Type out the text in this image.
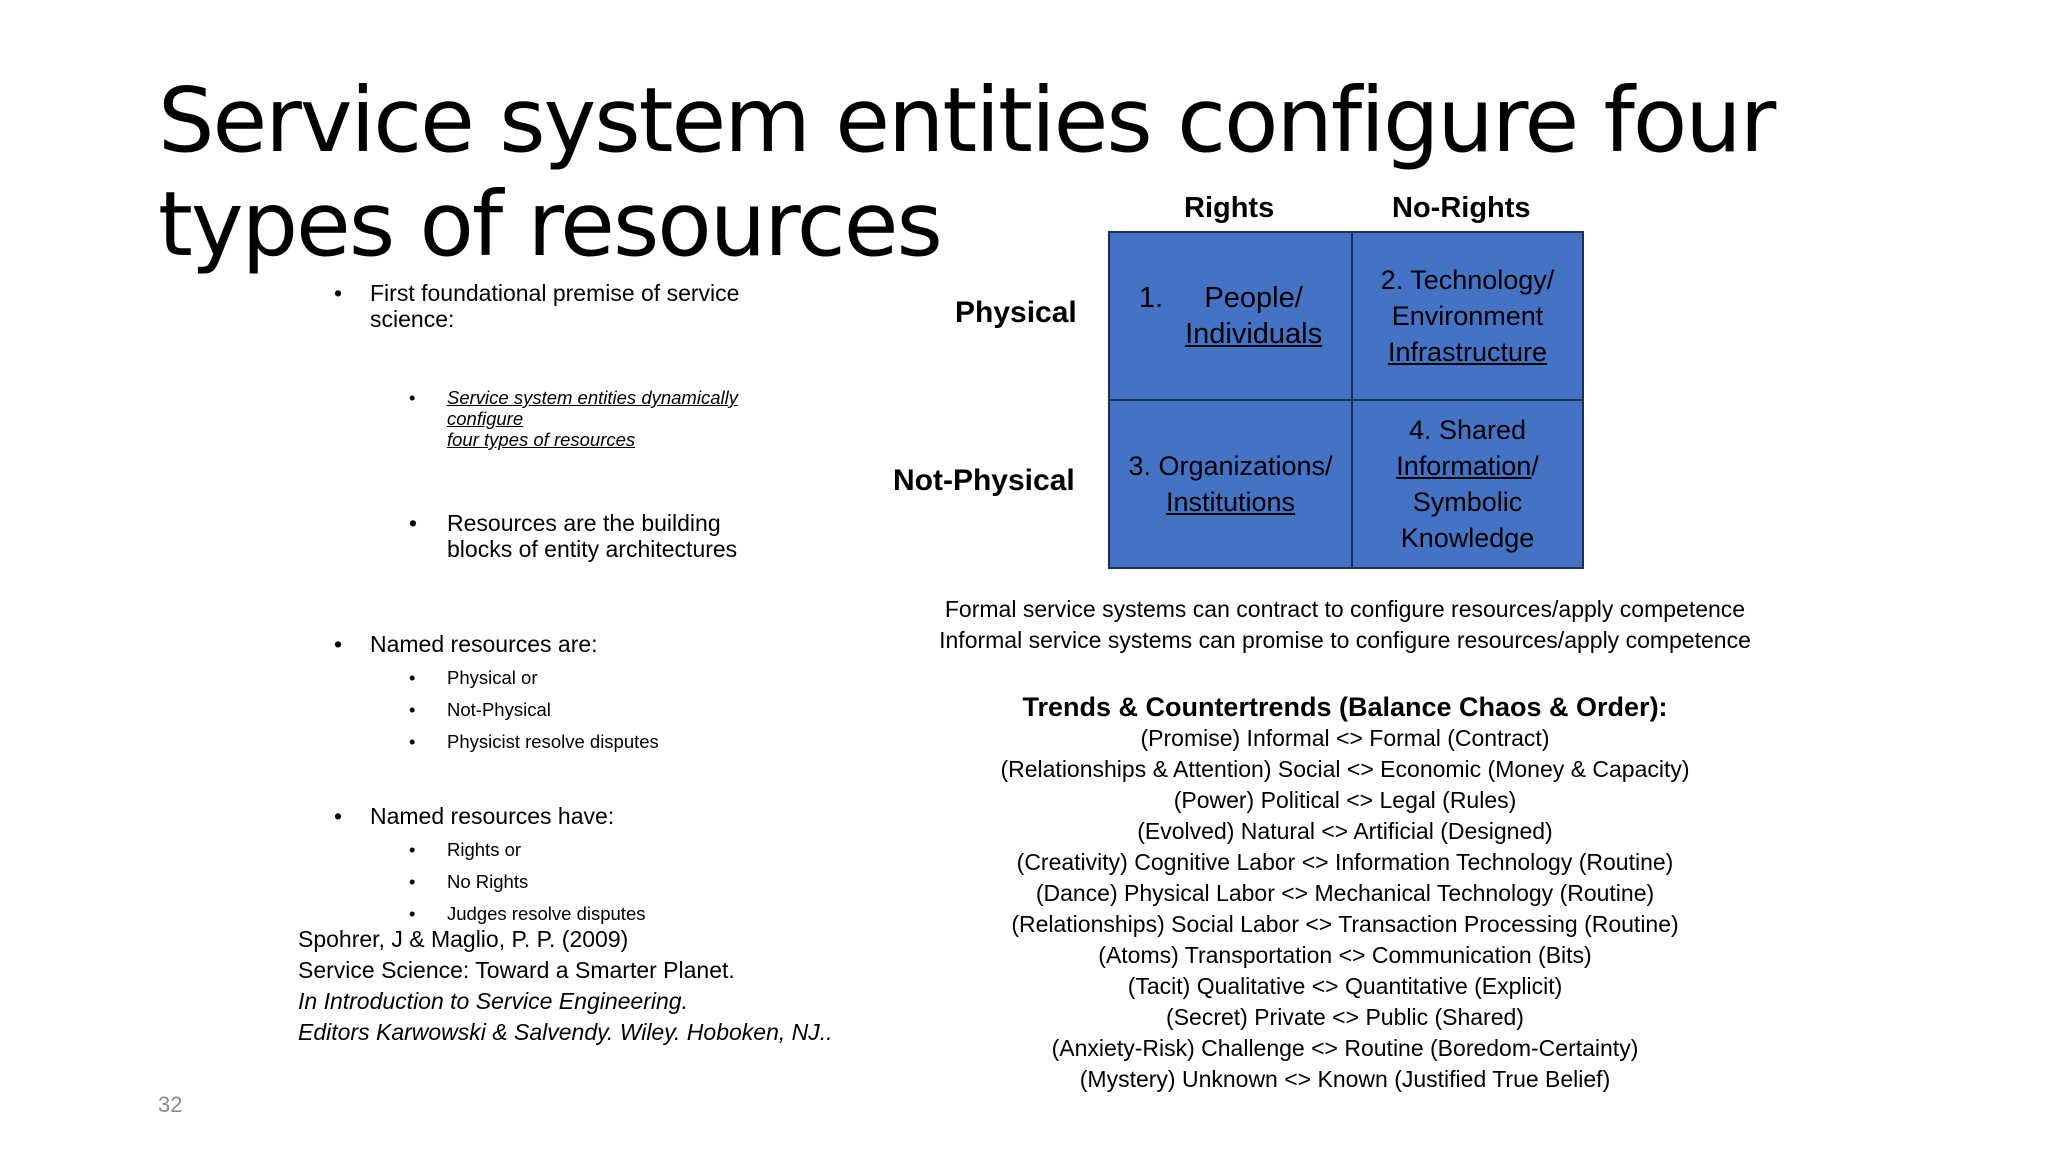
Service system entities configure four types of resources
• First foundational premise of service science:
• Service system entities dynamically configure
four types of resources
• Resources are the building blocks of entity architectures
• Named resources are:
• Physical or
• Not-Physical
• Physicist resolve disputes
• Named resources have:
• Rights or
• No Rights
• Judges resolve disputes
Spohrer, J & Maglio, P. P. (2009)
Service Science: Toward a Smarter Planet.
In Introduction to Service Engineering.
Editors Karwowski & Salvendy. Wiley. Hoboken, NJ..
32
Rights	No-Rights
Physical
Not-Physical
1.	People/
Individuals
2. Technology/
Environment
Infrastructure
3. Organizations/
Institutions
4. Shared
Information/
Symbolic
Knowledge
Formal service systems can contract to configure resources/apply competence
Informal service systems can promise to configure resources/apply competence
Trends & Countertrends (Balance Chaos & Order):
(Promise) Informal <> Formal (Contract)
(Relationships & Attention) Social <> Economic (Money & Capacity)
(Power) Political <> Legal (Rules)
(Evolved) Natural <> Artificial (Designed)
(Creativity) Cognitive Labor <> Information Technology (Routine)
(Dance) Physical Labor <> Mechanical Technology (Routine)
(Relationships) Social Labor <> Transaction Processing (Routine)
(Atoms) Transportation <> Communication (Bits)
(Tacit) Qualitative <> Quantitative (Explicit)
(Secret) Private <> Public (Shared)
(Anxiety-Risk) Challenge <> Routine (Boredom-Certainty)
(Mystery) Unknown <> Known (Justified True Belief)
